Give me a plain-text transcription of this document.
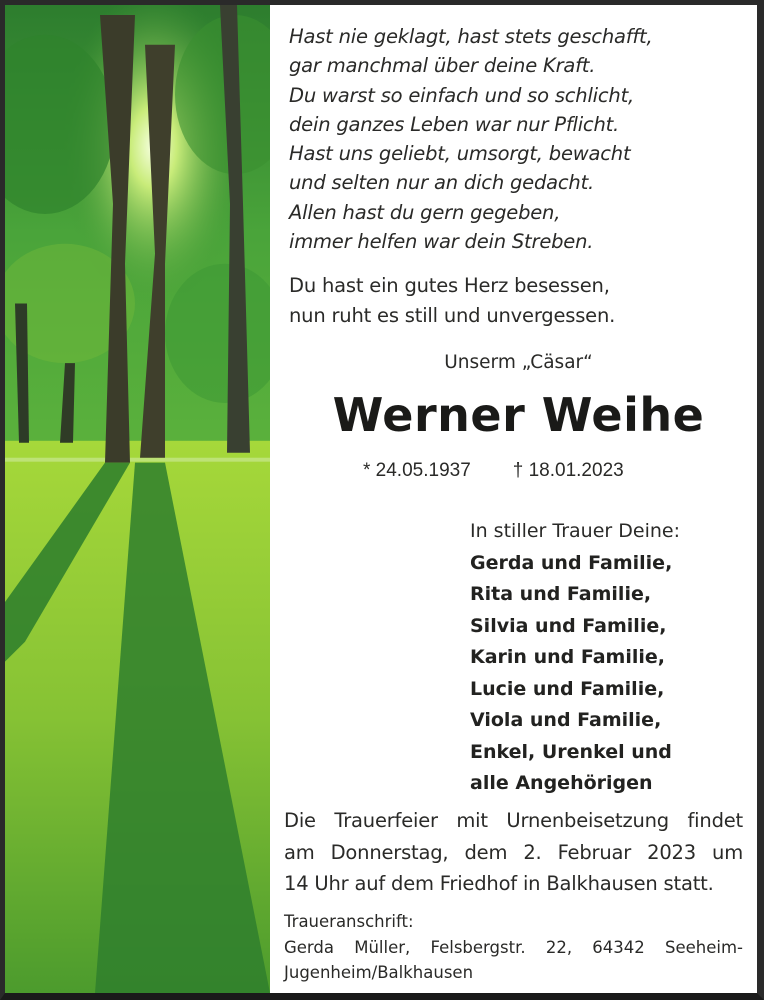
Hast nie geklagt, hast stets geschafft,
gar manchmal über deine Kraft.
Du warst so einfach und so schlicht,
dein ganzes Leben war nur Pflicht.
Hast uns geliebt, umsorgt, bewacht
und selten nur an dich gedacht.
Allen hast du gern gegeben,
immer helfen war dein Streben.
Du hast ein gutes Herz besessen,
nun ruht es still und unvergessen.
Unserm „Cäsar“
Werner Weihe
* 24.05.1937 † 18.01.2023
In stiller Trauer Deine:
Gerda und Familie,
Rita und Familie,
Silvia und Familie,
Karin und Familie,
Lucie und Familie,
Viola und Familie,
Enkel, Urenkel und
alle Angehörigen
Die Trauerfeier mit Urnenbeisetzung findet
am Donnerstag, dem 2. Februar 2023 um
14 Uhr auf dem Friedhof in Balkhausen statt.
Traueranschrift:
Gerda Müller, Felsbergstr. 22, 64342 Seeheim-
Jugenheim/Balkhausen
